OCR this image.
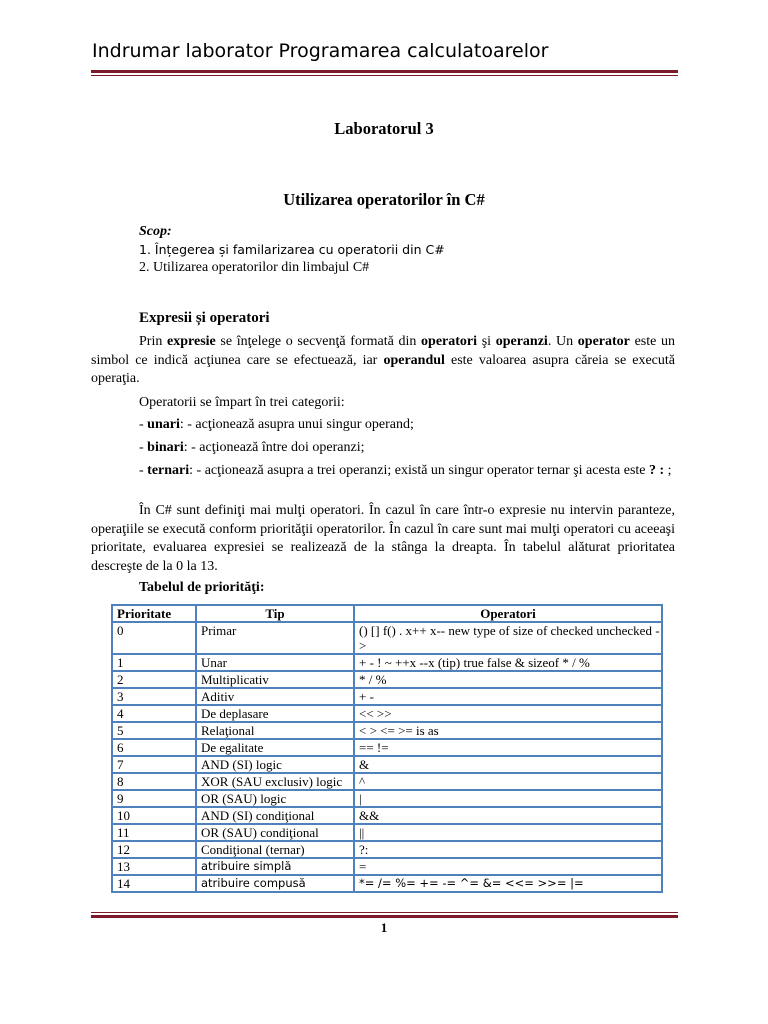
Indrumar laborator Programarea calculatoarelor
Laboratorul 3
Utilizarea operatorilor în C#
Scop:
1. Înțegerea și familarizarea cu operatorii din C#
2. Utilizarea operatorilor din limbajul C#
Expresii și operatori

Prin expresie se înţelege o secvenţă formată din operatori şi operanzi. Un operator este un simbol ce indică acţiunea care se efectuează, iar operandul este valoarea asupra căreia se execută operaţia.

Operatorii se împart în trei categorii:

- unari: - acţionează asupra unui singur operand;

- binari: - acţionează între doi operanzi;

- ternari: - acţionează asupra a trei operanzi; există un singur operator ternar şi acesta este ? : ;

În C# sunt definiţi mai mulţi operatori. În cazul în care într-o expresie nu intervin paranteze, operaţiile se execută conform priorităţii operatorilor. În cazul în care sunt mai mulţi operatori cu aceeaşi prioritate, evaluarea expresiei se realizează de la stânga la dreapta. În tabelul alăturat prioritatea descreşte de la 0 la 13.

Tabelul de priorităţi:
Prioritate	Tip	Operatori
0	Primar	() [] f() . x++ x-- new type of size of checked unchecked ->
1	Unar	+ - ! ~ ++x --x (tip) true false & sizeof * / %
2	Multiplicativ	* / %
3	Aditiv	+ -
4	De deplasare	<< >>
5	Relaţional	< > <= >= is as
6	De egalitate	== !=
7	AND (SI) logic	&
8	XOR (SAU exclusiv) logic	^
9	OR (SAU) logic	|
10	AND (SI) condiţional	&&
11	OR (SAU) condiţional	||
12	Condiţional (ternar)	?:
13	atribuire simplă	=
14	atribuire compusă	*= /= %= += -= ^= &= <<= >>= |=
1
